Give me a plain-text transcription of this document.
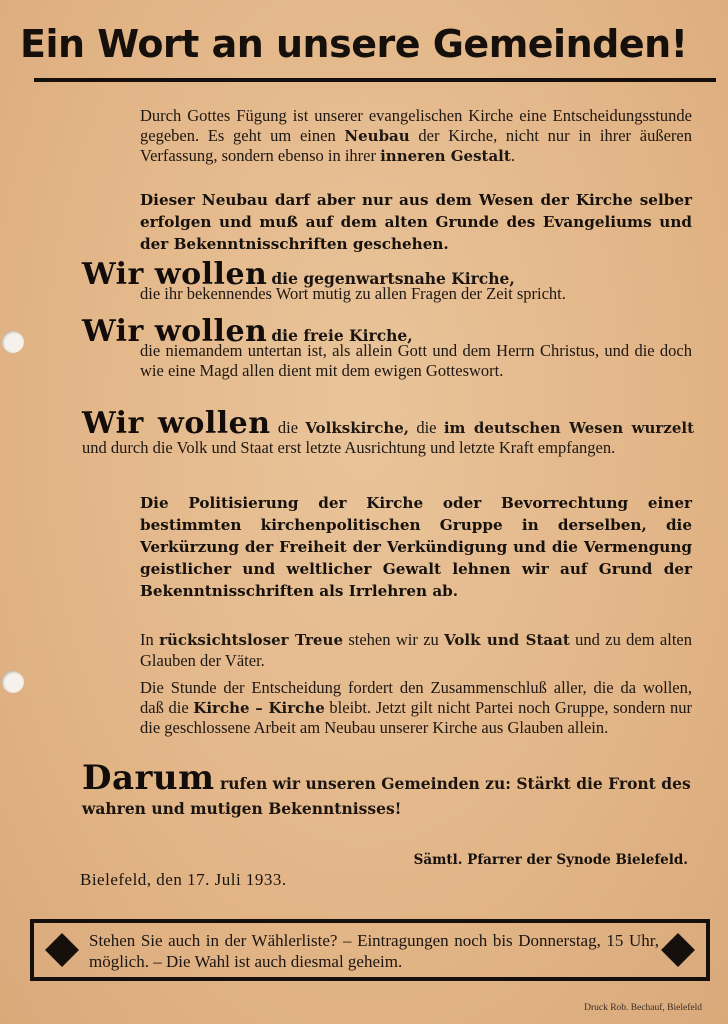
Ein Wort an unsere Gemeinden!
Durch Gottes Fügung ist unserer evangelischen Kirche eine Entscheidungsstunde gegeben. Es geht um einen Neubau der Kirche, nicht nur in ihrer äußeren Verfassung, sondern ebenso in ihrer inneren Gestalt.
Dieser Neubau darf aber nur aus dem Wesen der Kirche selber erfolgen und muß auf dem alten Grunde des Evangeliums und der Bekenntnisschriften geschehen.
Wir wollen die gegenwartsnahe Kirche,
die ihr bekennendes Wort mutig zu allen Fragen der Zeit spricht.
Wir wollen die freie Kirche,
die niemandem untertan ist, als allein Gott und dem Herrn Christus, und die doch wie eine Magd allen dient mit dem ewigen Gotteswort.
Wir wollen die Volkskirche, die im deutschen Wesen wurzelt und durch die Volk und Staat erst letzte Ausrichtung und letzte Kraft empfangen.
Die Politisierung der Kirche oder Bevorrechtung einer bestimmten kirchenpolitischen Gruppe in derselben, die Verkürzung der Freiheit der Verkündigung und die Vermengung geistlicher und weltlicher Gewalt lehnen wir auf Grund der Bekenntnisschriften als Irrlehren ab.
In rücksichtsloser Treue stehen wir zu Volk und Staat und zu dem alten Glauben der Väter.
Die Stunde der Entscheidung fordert den Zusammenschluß aller, die da wollen, daß die Kirche – Kirche bleibt. Jetzt gilt nicht Partei noch Gruppe, sondern nur die geschlossene Arbeit am Neubau unserer Kirche aus Glauben allein.
Darum rufen wir unseren Gemeinden zu: Stärkt die Front des wahren und mutigen Bekenntnisses!
Sämtl. Pfarrer der Synode Bielefeld.
Bielefeld, den 17. Juli 1933.
Stehen Sie auch in der Wählerliste? – Eintragungen noch bis Donnerstag, 15 Uhr, möglich. – Die Wahl ist auch diesmal geheim.
Druck Rob. Bechauf, Bielefeld
